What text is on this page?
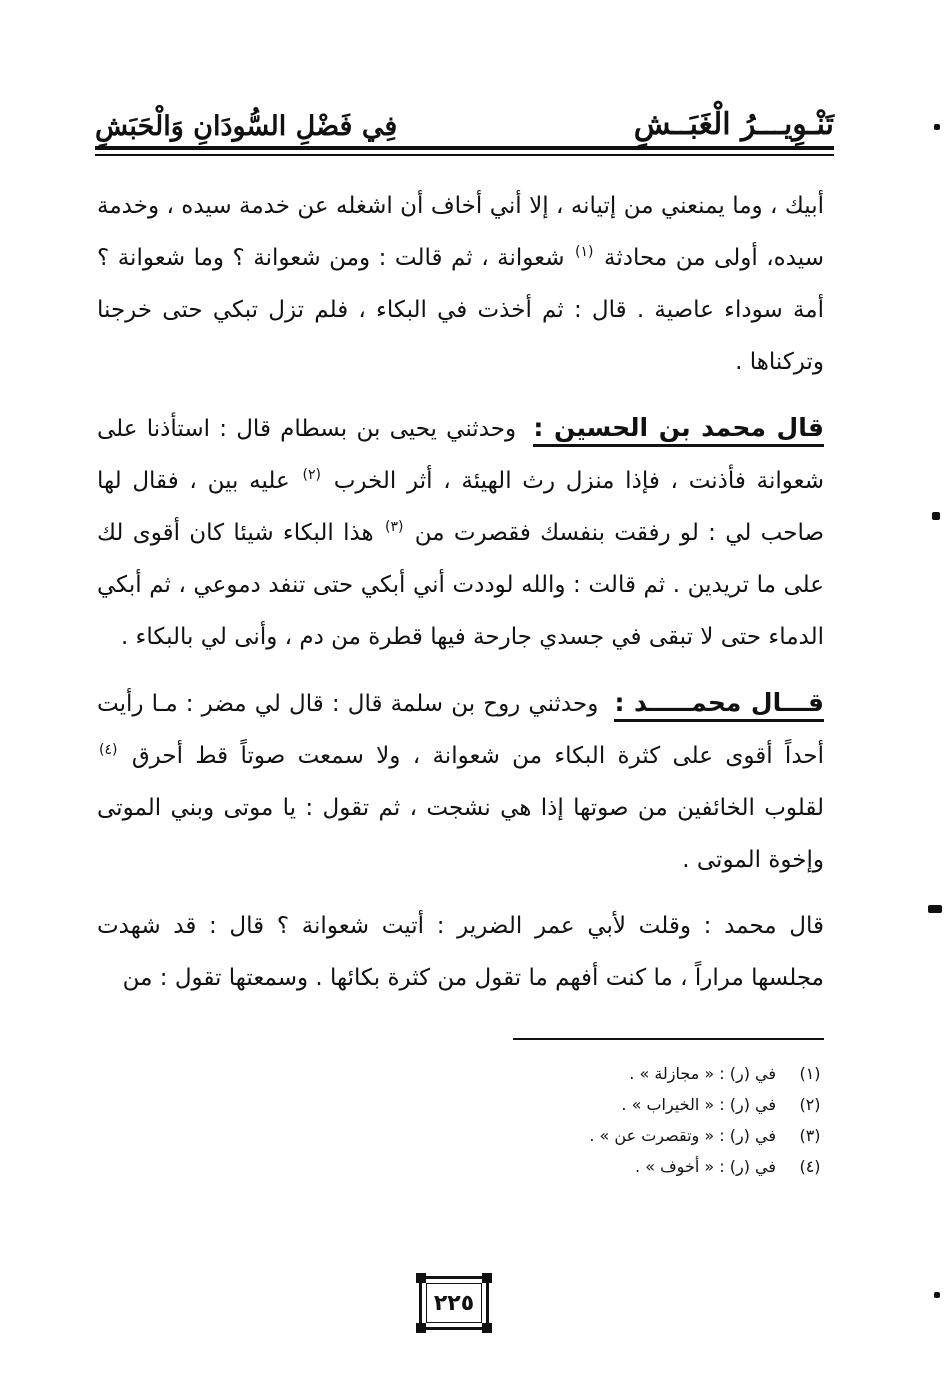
تَنْـوِيـــرُ الْغَبَــشِ
فِي فَضْلِ السُّودَانِ وَالْحَبَشِ

أبيك ، وما يمنعني من إتيانه ، إلا أني أخاف أن اشغله عن خدمة سيده ، وخدمة سيده، أولى من محادثة $^{(١)}$ شعوانة ، ثم قالت : ومن شعوانة ؟ وما شعوانة ؟ أمة سوداء عاصية . قال : ثم أخذت في البكاء ، فلم تزل تبكي حتى خرجنا وتركناها .

قال محمد بن الحسين : وحدثني يحيى بن بسطام قال : استأذنا على شعوانة فأذنت ، فإذا منزل رث الهيئة ، أثر الخرب $^{(٢)}$ عليه بين ، فقال لها صاحب لي : لو رفقت بنفسك فقصرت من $^{(٣)}$ هذا البكاء شيئا كان أقوى لك على ما تريدين . ثم قالت : والله لوددت أني أبكي حتى تنفد دموعي ، ثم أبكي الدماء حتى لا تبقى في جسدي جارحة فيها قطرة من دم ، وأنى لي بالبكاء .

قـــال محمـــــد : وحدثني روح بن سلمة قال : قال لي مضر : مـا رأيت أحداً أقوى على كثرة البكاء من شعوانة ، ولا سمعت صوتاً قط أحرق $^{(٤)}$ لقلوب الخائفين من صوتها إذا هي نشجت ، ثم تقول : يا موتى وبني الموتى وإخوة الموتى .

قال محمد : وقلت لأبي عمر الضرير : أتيت شعوانة ؟ قال : قد شهدت مجلسها مراراً ، ما كنت أفهم ما تقول من كثرة بكائها . وسمعتها تقول : من

(١)
في (ر) : « مجازلة » .
(٢)
في (ر) : « الخيراب » .
(٣)
في (ر) : « وتقصرت عن » .
(٤)
في (ر) : « أخوف » .
٢٢٥
